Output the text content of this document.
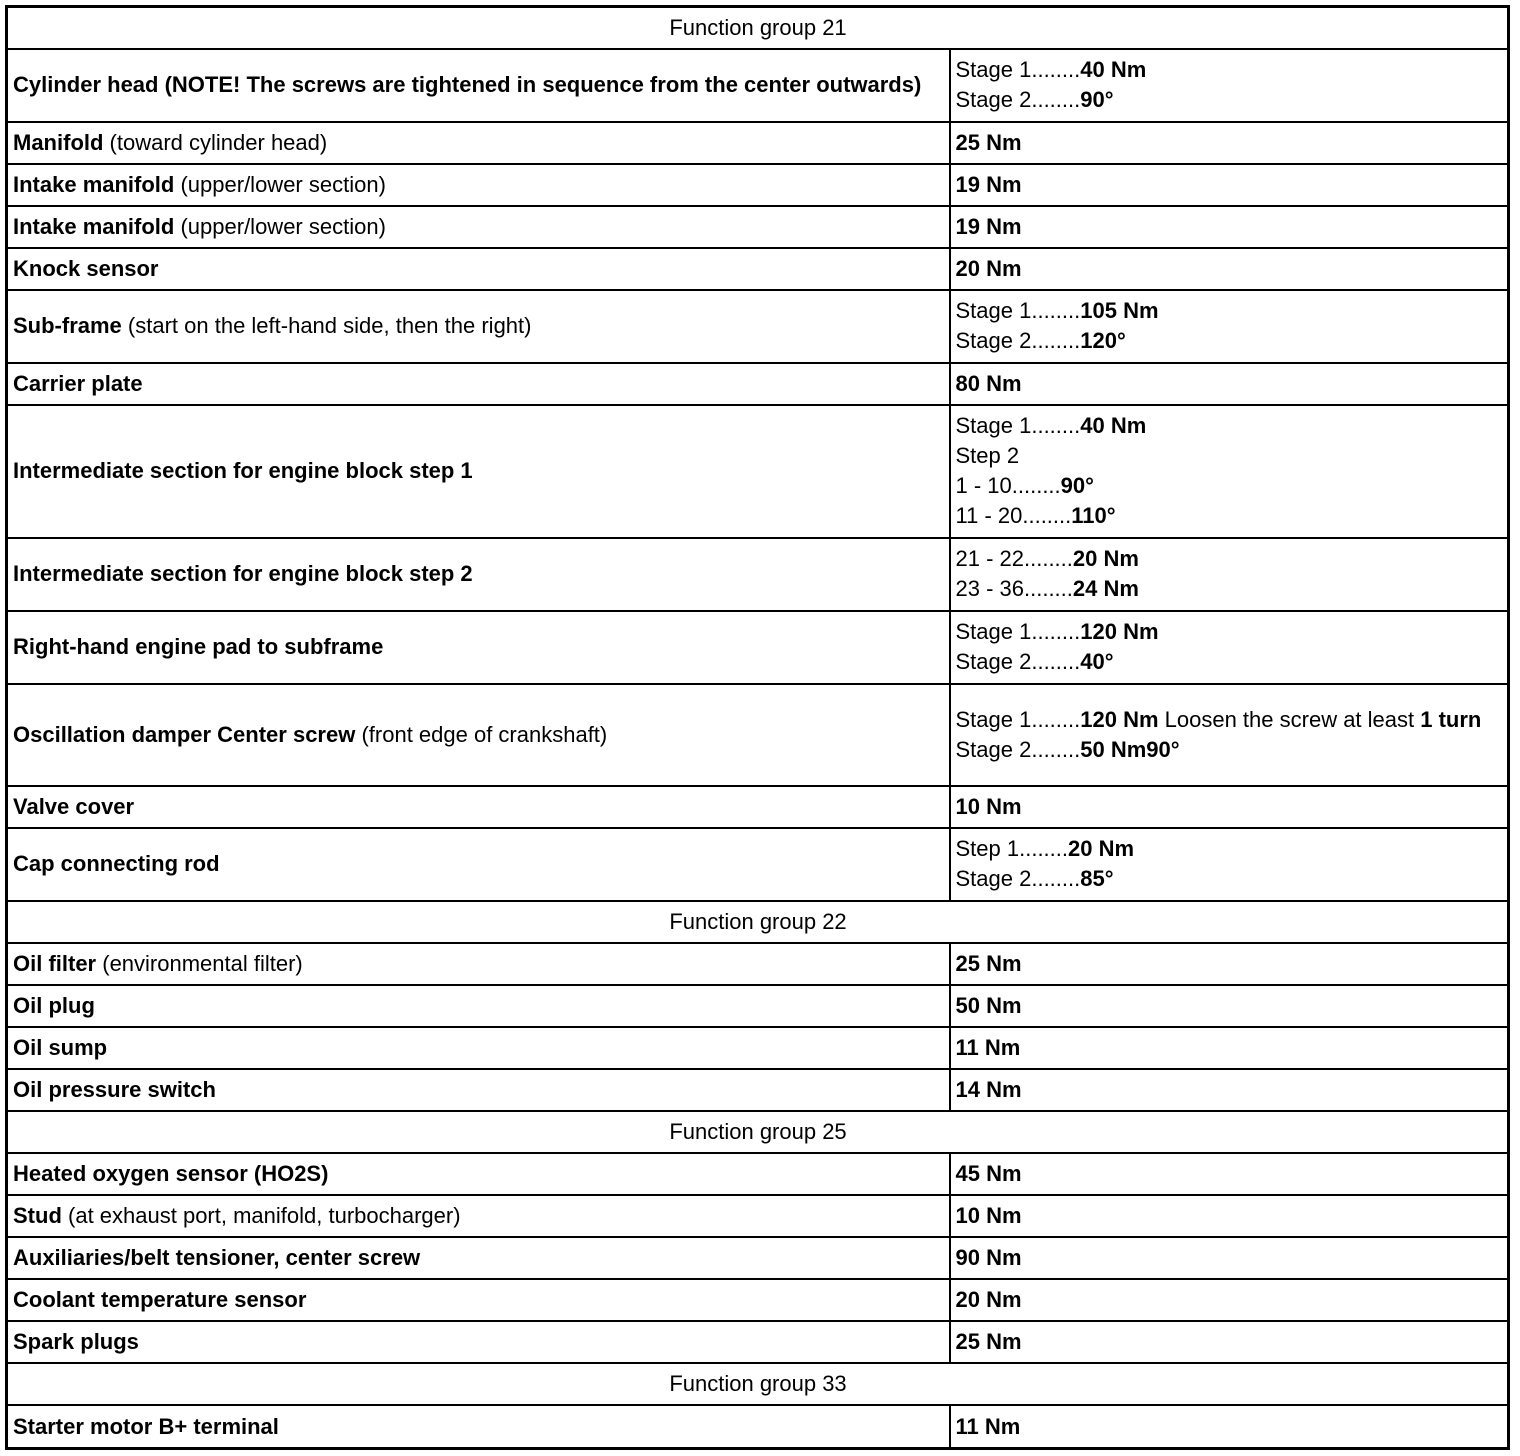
Function group 21	
Cylinder head (NOTE! The screws are tightened in sequence from the center outwards)	Stage 1........40 Nm
Stage 2........90°

Manifold (toward cylinder head)	25 Nm

Intake manifold (upper/lower section)	19 Nm

Intake manifold (upper/lower section)	19 Nm

Knock sensor	20 Nm

Sub-frame (start on the left-hand side, then the right)	Stage 1........105 Nm
Stage 2........120°

Carrier plate	80 Nm

Intermediate section for engine block step 1	Stage 1........40 Nm
Step 2
1 - 10........90°
11 - 20........110°

Intermediate section for engine block step 2	21 - 22........20 Nm
23 - 36........24 Nm

Right-hand engine pad to subframe	Stage 1........120 Nm
Stage 2........40°

Oscillation damper Center screw (front edge of crankshaft)	Stage 1........120 Nm Loosen the screw at least 1 turn
Stage 2........50 Nm90°

Valve cover	10 Nm

Cap connecting rod	Step 1........20 Nm
Stage 2........85°

Function group 22	
Oil filter (environmental filter)	25 Nm

Oil plug	50 Nm

Oil sump	11 Nm

Oil pressure switch	14 Nm

Function group 25	
Heated oxygen sensor (HO2S)	45 Nm

Stud (at exhaust port, manifold, turbocharger)	10 Nm

Auxiliaries/belt tensioner, center screw	90 Nm

Coolant temperature sensor	20 Nm

Spark plugs	25 Nm

Function group 33	
Starter motor B+ terminal	11 Nm
